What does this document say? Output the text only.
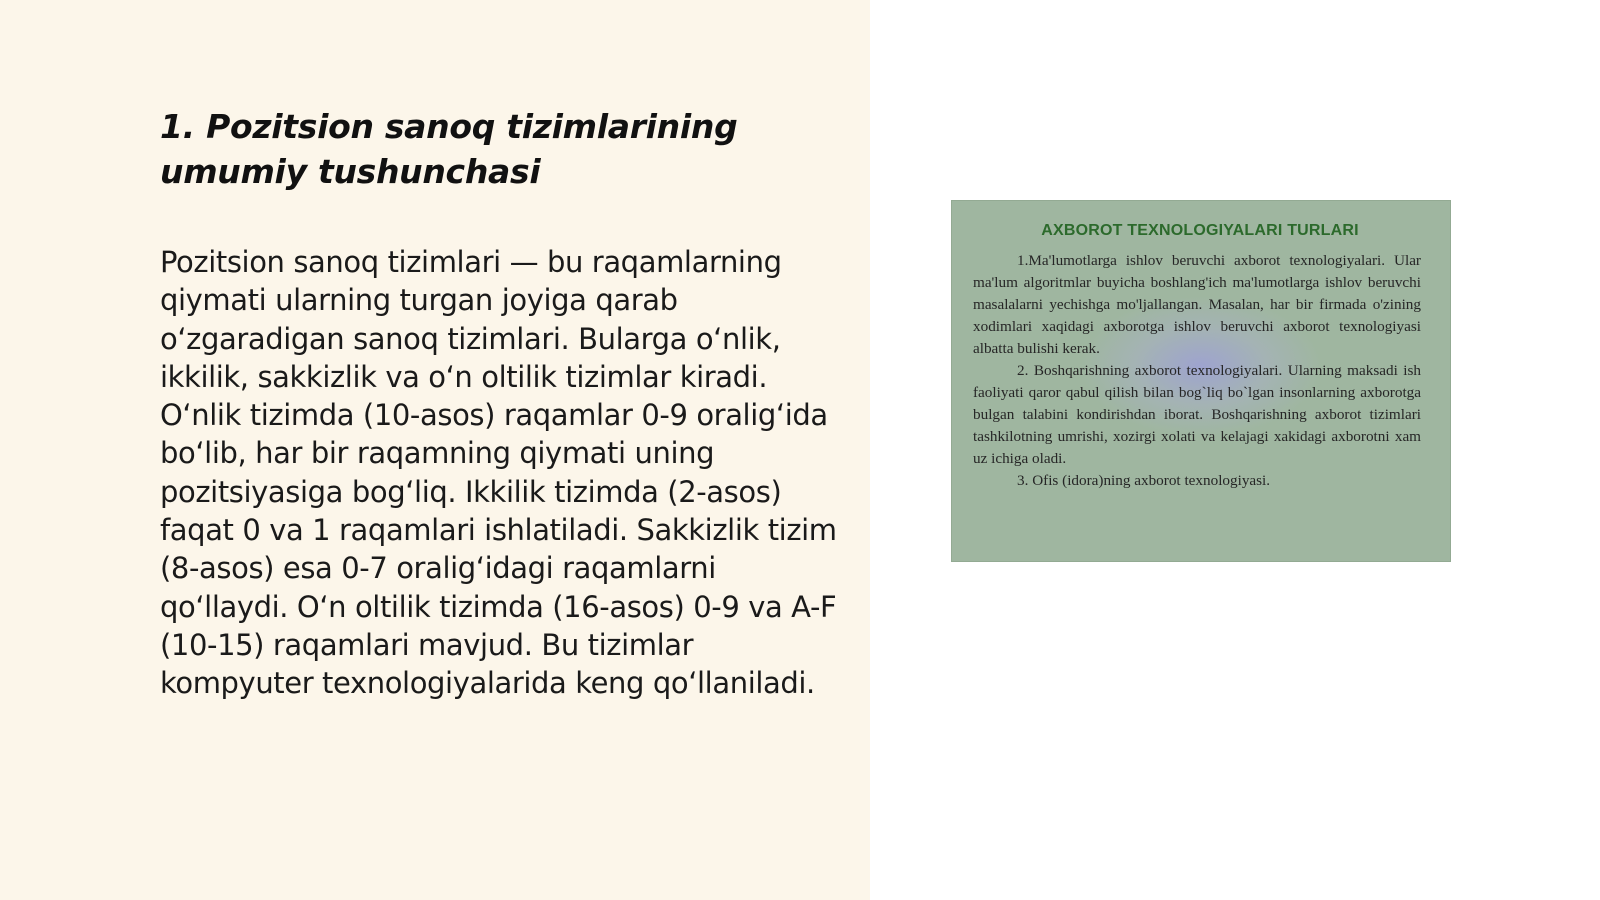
1. Pozitsion sanoq tizimlarining umumiy tushunchasi

Pozitsion sanoq tizimlari — bu raqamlarning qiymati ularning turgan joyiga qarab oʻzgaradigan sanoq tizimlari. Bularga oʻnlik, ikkilik, sakkizlik va oʻn oltilik tizimlar kiradi. Oʻnlik tizimda (10-asos) raqamlar 0-9 oraligʻida boʻlib, har bir raqamning qiymati uning pozitsiyasiga bogʻliq. Ikkilik tizimda (2-asos) faqat 0 va 1 raqamlari ishlatiladi. Sakkizlik tizim (8-asos) esa 0-7 oraligʻidagi raqamlarni qoʻllaydi. Oʻn oltilik tizimda (16-asos) 0-9 va A-F (10-15) raqamlari mavjud. Bu tizimlar kompyuter texnologiyalarida keng qoʻllaniladi.

AXBOROT TEXNOLOGIYALARI TURLARI

1.Ma'lumotlarga ishlov beruvchi axborot texnologiyalari. Ular ma'lum algoritmlar buyicha boshlang'ich ma'lumotlarga ishlov beruvchi masalalarni yechishga mo'ljallangan. Masalan, har bir firmada o'zining xodimlari xaqidagi axborotga ishlov beruvchi axborot texnologiyasi albatta bulishi kerak.

2. Boshqarishning axborot texnologiyalari. Ularning maksadi ish faoliyati qaror qabul qilish bilan bog`liq bo`lgan insonlarning axborotga bulgan talabini kondirishdan iborat. Boshqarishning axborot tizimlari tashkilotning umrishi, xozirgi xolati va kelajagi xakidagi axborotni xam uz ichiga oladi.

3. Ofis (idora)ning axborot texnologiyasi.
